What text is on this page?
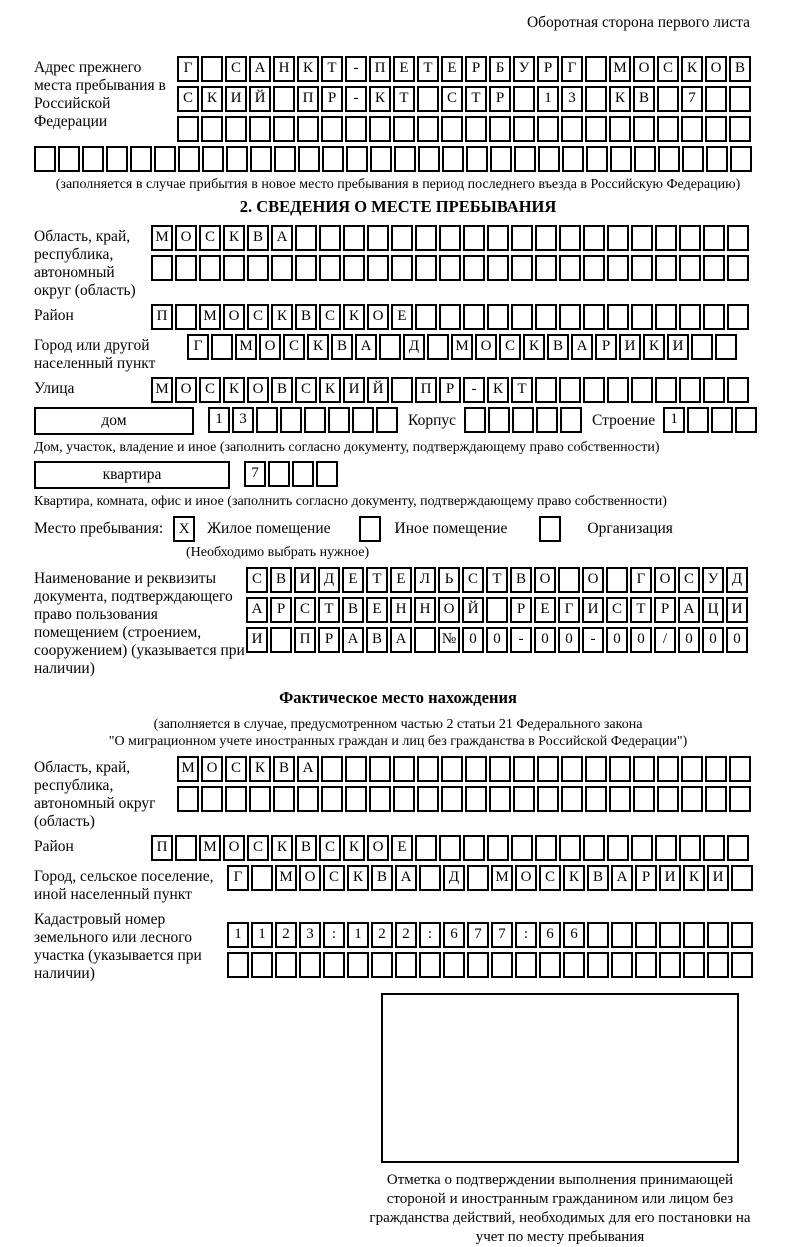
Оборотная сторона первого листа
Адрес прежнего места пребывания в Российской Федерации
Г	С А Н К Т - П Е Т Е Р Б У Р Г М О С К О В
С К И Й П Р - К Т	С Т Р	1 3	К В	7
(заполняется в случае прибытия в новое место пребывания в период последнего въезда в Российскую Федерацию)
2. СВЕДЕНИЯ О МЕСТЕ ПРЕБЫВАНИЯ
Область, край, республика, автономный округ (область)
М О С К В А
Район	П М О С К В С К О Е
Город или другой населенный пункт
Г М О С К В А Д М О С К В А Р И К И
Улица	М О С К О В С К И Й П Р - К Т
дом	1 3	Корпус	Строение	1
Дом, участок, владение и иное (заполнить согласно документу, подтверждающему право собственности)
квартира	7
Квартира, комната, офис и иное (заполнить согласно документу, подтверждающему право собственности)
Место пребывания:	X	Жилое помещение	Иное помещение	Организация
(Необходимо выбрать нужное)
Наименование и реквизиты документа, подтверждающего право пользования помещением (строением, сооружением) (указывается при наличии)
С В И Д Е Т Е Л Ь С Т В О О	Г О С У Д
А Р С Т В Е Н Н О Й	Р Е Г И С Т Р А Ц И
И П Р А В А № 0 0 - 0 0 - 0 0 / 0 0 0
Фактическое место нахождения
(заполняется в случае, предусмотренном частью 2 статьи 21 Федерального закона
"О миграционном учете иностранных граждан и лиц без гражданства в Российской Федерации")
Область, край, республика, автономный округ (область)
М О С К В А
Район	П М О С К В С К О Е
Город, сельское поселение, иной населенный пункт
Г М О С К В А Д М О С К В А Р И К И
Кадастровый номер земельного или лесного участка (указывается при наличии)
1 1 2 3 : 1 2 2 : 6 7 7 : 6 6
Отметка о подтверждении выполнения принимающей стороной и иностранным гражданином или лицом без гражданства действий, необходимых для его постановки на учет по месту пребывания
